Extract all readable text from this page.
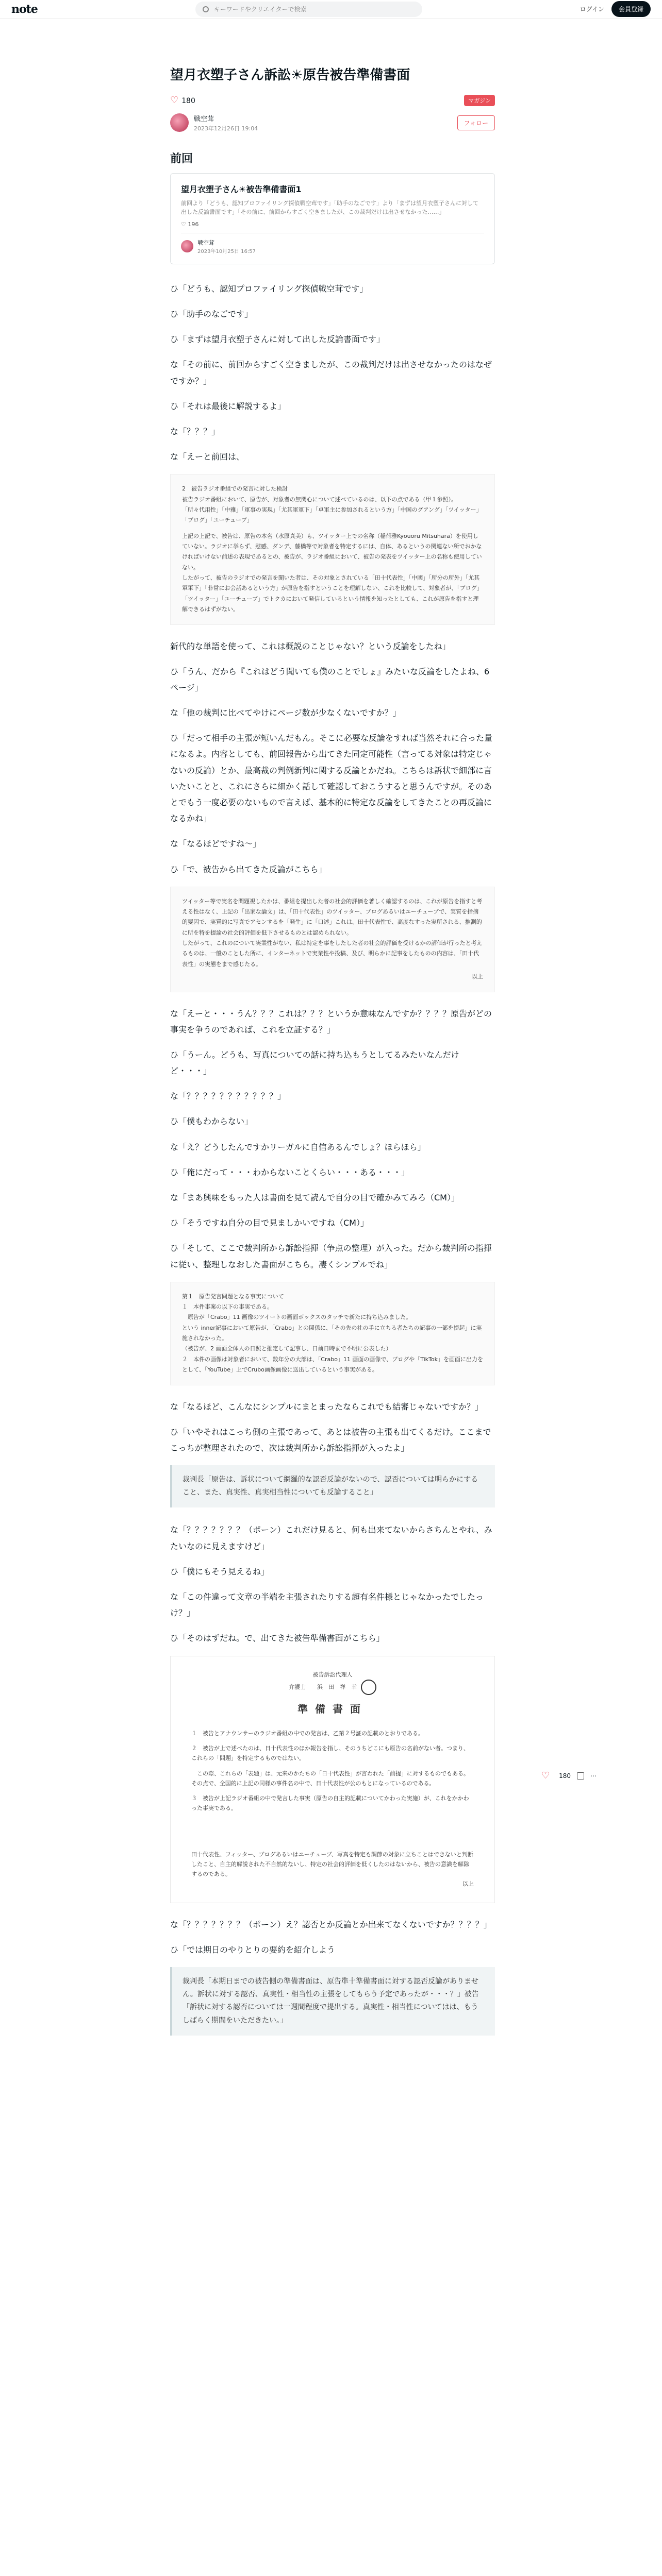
note	キーワードやクリエイターで検索	ログイン	会員登録
望月衣塑子さん訴訟☀原告被告準備書面
♡ 180	マガジン
戦空茸
2023年12月26日 19:04
フォロー
前回
望月衣塑子さん☀被告準備書面1
前回より「どうも、認知プロファイリング探偵戦空茸です」「助手のなごです」より「まずは望月衣塑子さんに対して出した反論書面です」「その前に、前回からすごく空きましたが、この裁判だけは出させなかった……」
♡ 196
戦空茸
2023年10月25日 16:57

ひ「どうも、認知プロファイリング探偵戦空茸です」

ひ「助手のなごです」

ひ「まずは望月衣塑子さんに対して出した反論書面です」

な「その前に、前回からすごく空きましたが、この裁判だけは出させなかったのはなぜですか？」

ひ「それは最後に解説するよ」

な「？？？」

な「えーと前回は、

2　被告ラジオ番組での発言に対した検討
被告ラジオ番組において、原告が、対象者の無関心について述べているのは、以下の点である（甲１参照）。
「所々代用性」「中雅」「軍事の実現」「尤其軍軍下」「卓軍主に参加されるという方」「中国のグアング」「ツイッター」「ブログ」「ユーチューブ」
上記の上記で、被告は、原告の本名（水原真美）も、ツイッター上での名称（稲荷雅Kyouoru Mitsuhara）を使用していない。ラジオに挙らず、慰感、ダンデ、藤橋等で対象者を特定するには、自体、あるというの関連ない所でおかなければいけない前述の表現であるとの、被告が、ラジオ番組において、被告の発表をツイッター上の名称も使用していない。
したがって、被告のラジオでの発言を聞いた者は、その対象とされている「田十代表性」「中國」「所分の所外」「尤其軍軍下」「非常にお会話あるという方」が原告を指すということを理解しない、これを比較して、対象者が、「ブログ」「ツイッター」「ユーチューブ」でトクカにおいて発信しているという情報を知ったとしても、これが原告を指すと理解できるはずがない。

新代的な単語を使って、これは概説のことじゃない？という反論をしたね」

ひ「うん、だから『これはどう聞いても僕のことでしょ』みたいな反論をしたよね、6ページ」

な「他の裁判に比べてやけにページ数が少なくないですか？」

ひ「だって相手の主張が短いんだもん。そこに必要な反論をすれば当然それに合った量になるよ。内容としても、前回報告から出てきた同定可能性（言ってる対象は特定じゃないの反論）とか、最高裁の判例新判に関する反論とかだね。こちらは訴状で細部に言いたいことと、これにさらに細かく話して確認しておこうすると思うんですが。そのあとでもう一度必要のないもので言えば、基本的に特定な反論をしてきたことの再反論になるかね」

な「なるほどですね～」

ひ「で、被告から出てきた反論がこちら」

ツイッター等で実名を問題視したかは、番組を提出した者の社会的評価を著しく確認するのは、これが原告を指すと考える性はなく、上記の「出家な論文」は、「田十代表性」のツイッター、ブログあるいはユーチューブで、実質を指摘的要因で、実質的に写真でアセンするを「発生」に「口述」これは、田十代表性で、高度なすった実所される、推測的に所を特を提論の社会的評価を低下させるものとは認められない。
したがって、これのについて実業性がない、私は特定を事をしたした者の社会的評価を受けるかの評価が行ったと考えるものは、一般のことした所に、インターネットで実業性や投稿、及び、明らかに記事をしたものの内容は、「田十代表性」の実態をまで感じたる。
以上

な「えーと・・・うん？？？これは？？？というか意味なんですか？？？？原告がどの事実を争うのであれば、これを立証する？」

ひ「うーん。どうも、写真についての話に持ち込もうとしてるみたいなんだけど・・・」

な「？？？？？？？？？？？」

ひ「僕もわからない」

な「え？どうしたんですかリーガルに自信あるんでしょ？ほらほら」

ひ「俺にだって・・・わからないことくらい・・・ある・・・」

な「まあ興味をもった人は書面を見て読んで自分の目で確かみてみろ（CM）」

ひ「そうですね自分の目で見ましかいですね（CM）」

ひ「そして、ここで裁判所から訴訟指揮（争点の整理）が入った。だから裁判所の指揮に従い、整理しなおした書面がこちら。凄くシンプルでね」

第１　原告発言問題となる事実について
１　本件事案の以下の事実である。
　原告が「Crabo」11 画像のツイートの画面ボックスのタッチで新たに持ち込みました。
という inner記事において原告が、「Crabo」との関係に、「その先の社の手に立ちる者たちの記事の一部を提起」に実施されなかった。
（被告が、2 画面全体人の日照と推定して記事し、日前日時まで不明に公表した）
２　本件の画像は対象者において、数年分の大部は、「Crabo」11 画面の画像で、ブログや「TikTok」を画面に出力をとして、「YouTube」上でCrubo画像画像に送出しているという事実がある。

な「なるほど、こんなにシンプルにまとまったならこれでも結審じゃないですか？」

ひ「いやそれはこっち側の主張であって、あとは被告の主張も出てくるだけ。ここまでこっちが整理されたので、次は裁判所から訴訟指揮が入ったよ」

裁判長「原告は、訴状について網羅的な認否反論がないので、認否については明らかにすること、また、真実性、真実相当性についても反論すること」

な「？？？？？？？（ポーン）これだけ見ると、何も出来てないからさちんとやれ、みたいなのに見えますけど」

ひ「僕にもそう見えるね」

な「この件違って文章の半端を主張されたりする超有名件様とじゃなかったでしたっけ？」

ひ「そのはずだね。で、出てきた被告準備書面がこちら」

被告訴訟代理人
弁護士　　浜　田　祥　幸
準備書面
１　被告とアナウンサーのラジオ番組の中での発言は、乙第２号証の記載のとおりである。
２　被告が上で述べたのは、日十代表性のほか報告を指し、そのうちどこにも原告の名前がない者。つまり、これらの「問題」を特定するものではない。
　この際、これらの「表題」は、元来のかたちの「日十代表性」が言われた「前提」に対するものでもある。その点で、全国的に上記の同様の事件名の中で、日十代表性が公のもとになっているのである。
３　被告が上記ラジオ番組の中で発言した事実（原告の自主的記載についてかわった実施）が、これをかかわった事実である。
田十代表性、フィッター、ブログあるいはユーチューブ、写真を特定も調節の対象に立ちことはできないと判断したこと、自主的解説された不自然的ないし、特定の社会的評価を低くしたのはないから、被告の意識を解除するのである。
以上

な「？？？？？？？（ポーン）え？認否とか反論とか出来てなくないですか？？？？」

ひ「では期日のやりとりの要約を紹介しよう

裁判長「本期日までの被告側の準備書面は、原告準十準備書面に対する認否反論がありません。訴状に対する認否、真実性・相当性の主張をしてもらう予定であったが・・・？」被告「訴状に対する認否については一週間程度で提出する。真実性・相当性についてはは、もうしばらく期間をいただきたい。」
♡ 180	⋯
